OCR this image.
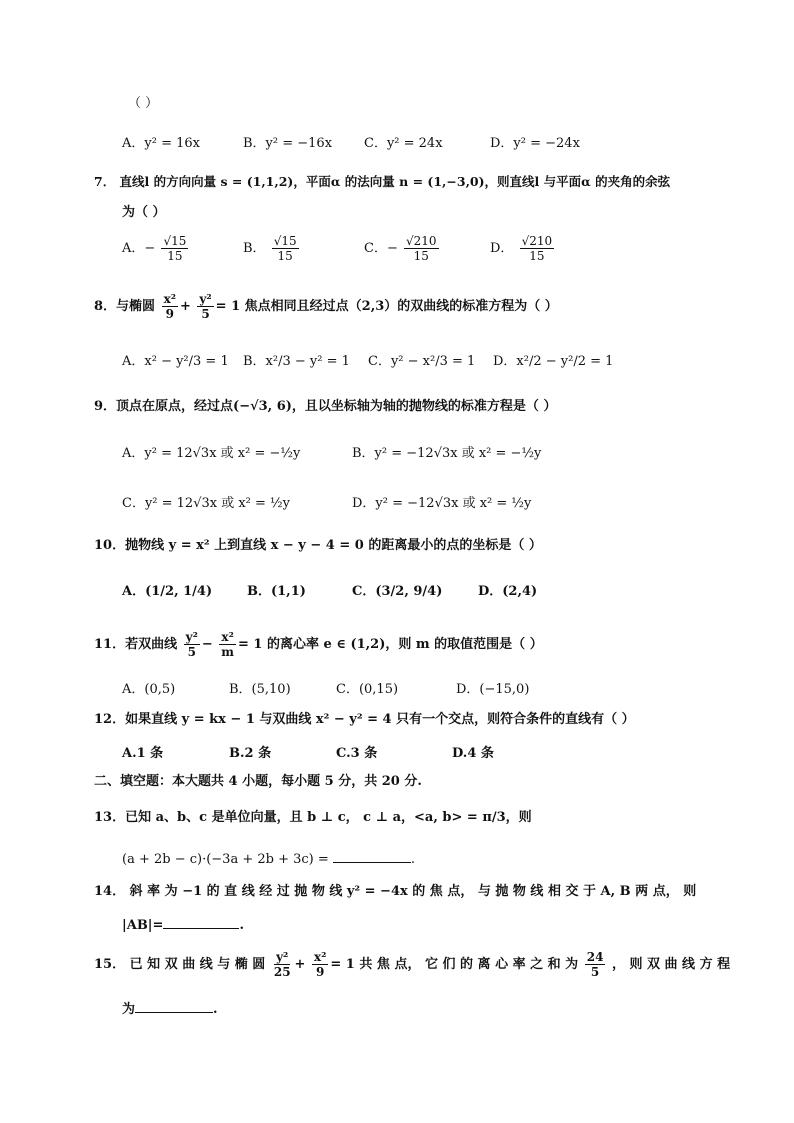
（ ）
A．y² = 16x	B．y² = −16x C．y² = 24x	D．y² = −24x
7． 直线l 的方向向量 s = (1,1,2)，平面α 的法向量 n = (1,−3,0)，则直线l 与平面α 的夹角的余弦
为（ ）
A．− $\frac{√15}{15}$	B． $\frac{√15}{15}$	C．− $\frac{√210}{15}$	D． $\frac{√210}{15}$
8．与椭圆 $\frac{\text{x²}}{9} + \frac{\text{y²}}{5} = 1$ 焦点相同且经过点（2,3）的双曲线的标准方程为（ ）
A．x² − y²/3 = 1 B．x²/3 − y² = 1 C．y² − x²/3 = 1 D．x²/2 − y²/2 = 1
9．顶点在原点，经过点(−√3, 6)，且以坐标轴为轴的抛物线的标准方程是（ ）
A．y² = 12√3x 或 x² = −½y	B．y² = −12√3x 或 x² = −½y
C．y² = 12√3x 或 x² = ½y	D．y² = −12√3x 或 x² = ½y
10．抛物线 y = x² 上到直线 x − y − 4 = 0 的距离最小的点的坐标是（ ）
A．(1/2, 1/4)	B．(1,1)	C．(3/2, 9/4)	D．(2,4)
11．若双曲线 $\frac{\text{y²}}{5} - \frac{\text{x²}}{m} = 1$ 的离心率 e ∈ (1,2)，则 m 的取值范围是（ ）
A．(0,5)	B．(5,10)	C．(0,15)	D．(−15,0)
12．如果直线 y = kx − 1 与双曲线 x² − y² = 4 只有一个交点，则符合条件的直线有（ ）
A.1 条	B.2 条	C.3 条	D.4 条
二、填空题：本大题共 4 小题，每小题 5 分，共 20 分.
13．已知 a、b、c 是单位向量，且 b ⊥ c， c ⊥ a，<a, b> = π/3，则
(a + 2b − c)·(−3a + 2b + 3c) =	.
14． 斜 率 为 −1 的 直 线 经 过 抛 物 线 y² = −4x 的 焦 点， 与 抛 物 线 相 交 于 A, B 两 点， 则
|AB|=	.
15． 已 知 双 曲 线 与 椭 圆 $\frac{\text{y²}}{25} + \frac{\text{x²}}{9} = 1$ 共 焦 点， 它 们 的 离 心 率 之 和 为 $\frac{24}{5}$ ， 则 双 曲 线 方 程
为	.
